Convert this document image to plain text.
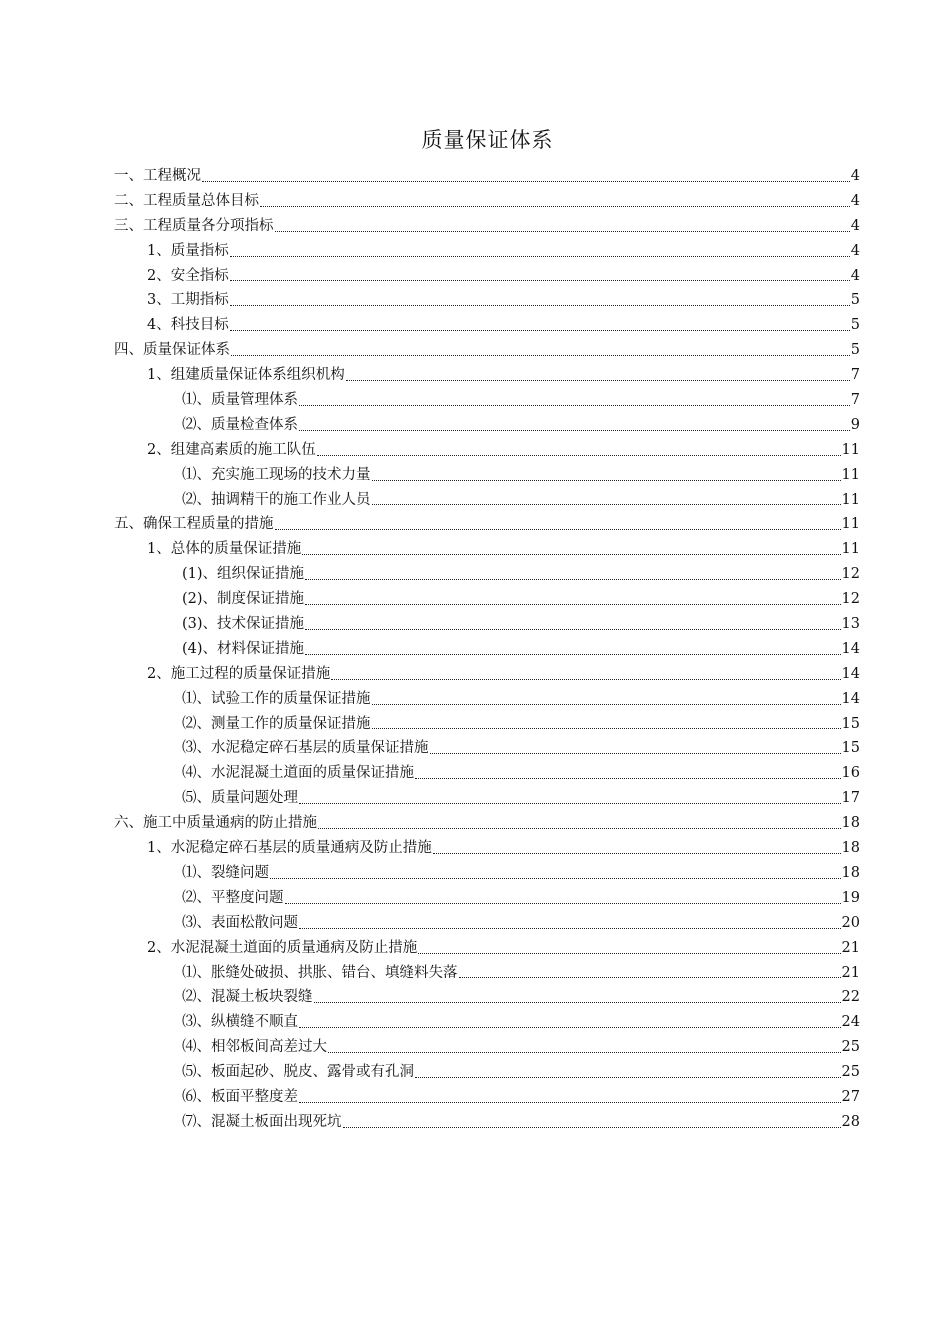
质量保证体系
一、工程概况	4
二、工程质量总体目标	4
三、工程质量各分项指标	4
1、质量指标	4
2、安全指标	4
3、工期指标	5
4、科技目标	5
四、质量保证体系	5
1、组建质量保证体系组织机构	7
⑴、质量管理体系	7
⑵、质量检查体系	9
2、组建高素质的施工队伍	11
⑴、充实施工现场的技术力量	11
⑵、抽调精干的施工作业人员	11
五、确保工程质量的措施	11
1、总体的质量保证措施	11
(1)、组织保证措施	12
(2)、制度保证措施	12
(3)、技术保证措施	13
(4)、材料保证措施	14
2、施工过程的质量保证措施	14
⑴、试验工作的质量保证措施	14
⑵、测量工作的质量保证措施	15
⑶、水泥稳定碎石基层的质量保证措施	15
⑷、水泥混凝土道面的质量保证措施	16
⑸、质量问题处理	17
六、施工中质量通病的防止措施	18
1、水泥稳定碎石基层的质量通病及防止措施	18
⑴、裂缝问题	18
⑵、平整度问题	19
⑶、表面松散问题	20
2、水泥混凝土道面的质量通病及防止措施	21
⑴、胀缝处破损、拱胀、错台、填缝料失落	21
⑵、混凝土板块裂缝	22
⑶、纵横缝不顺直	24
⑷、相邻板间高差过大	25
⑸、板面起砂、脱皮、露骨或有孔洞	25
⑹、板面平整度差	27
⑺、混凝土板面出现死坑	28
